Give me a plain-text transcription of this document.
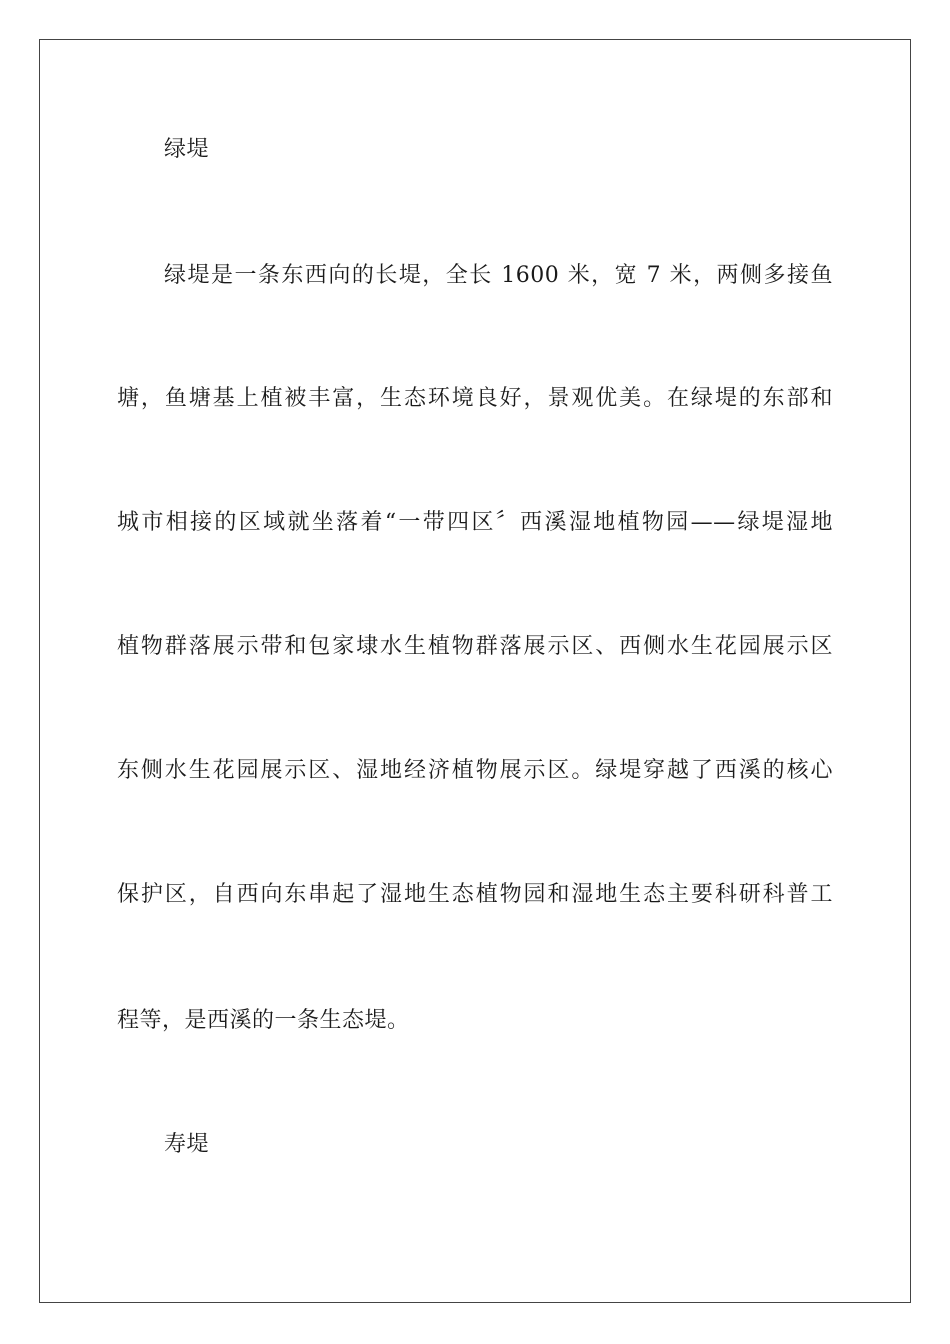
绿堤
绿堤是一条东西向的长堤，全长 1600 米，宽 7 米，两侧多接鱼
塘，鱼塘基上植被丰富，生态环境良好，景观优美。在绿堤的东部和
城市相接的区域就坐落着“一带四区〞西溪湿地植物园——绿堤湿地
植物群落展示带和包家埭水生植物群落展示区、西侧水生花园展示区
东侧水生花园展示区、湿地经济植物展示区。绿堤穿越了西溪的核心
保护区，自西向东串起了湿地生态植物园和湿地生态主要科研科普工
程等，是西溪的一条生态堤。
寿堤
